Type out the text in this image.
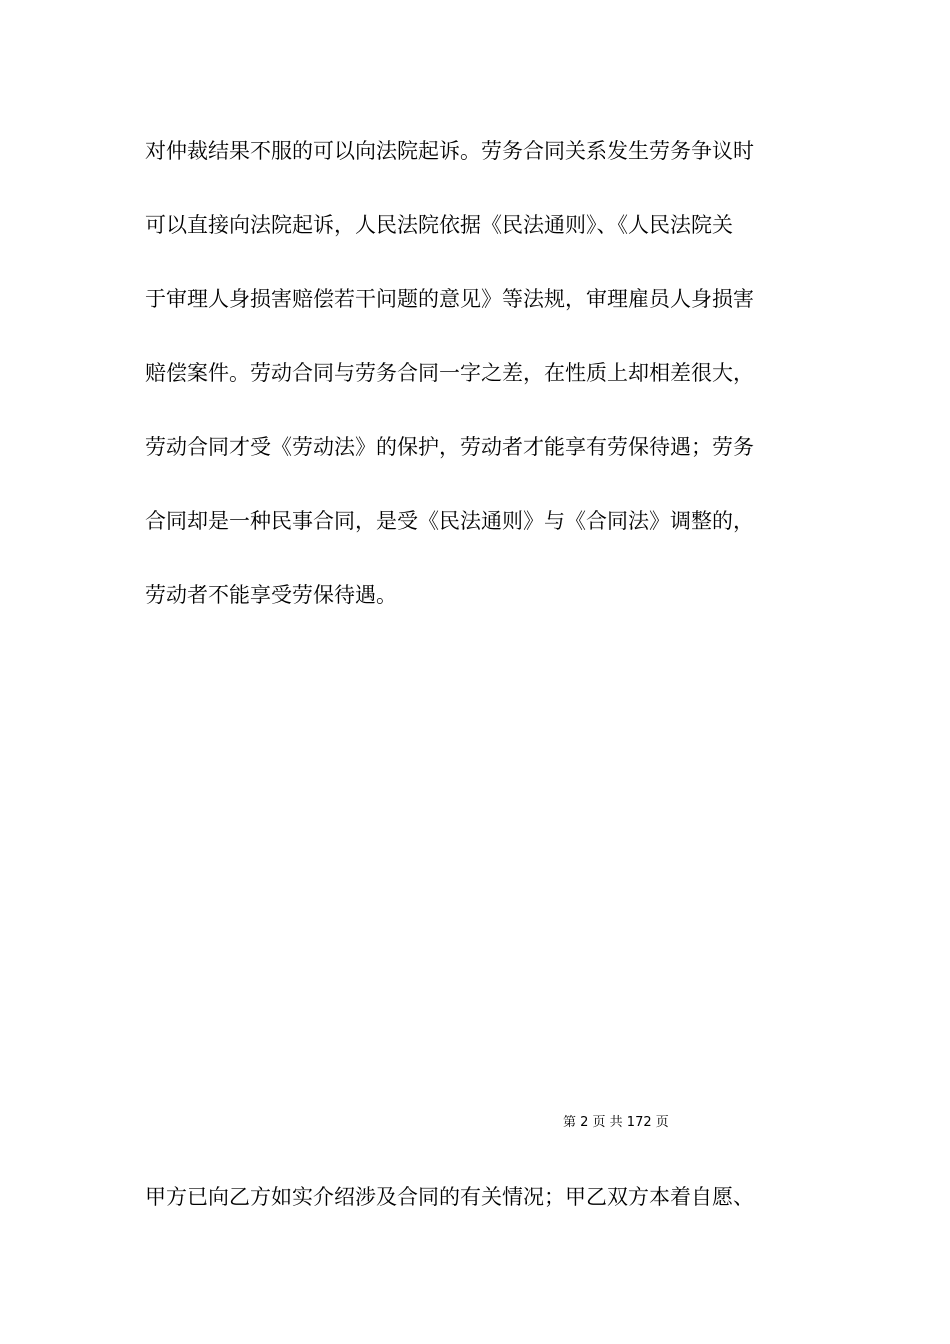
对仲裁结果不服的可以向法院起诉。劳务合同关系发生劳务争议时
可以直接向法院起诉，人民法院依据《民法通则》、《人民法院关
于审理人身损害赔偿若干问题的意见》等法规，审理雇员人身损害
赔偿案件。劳动合同与劳务合同一字之差，在性质上却相差很大，
劳动合同才受《劳动法》的保护，劳动者才能享有劳保待遇；劳务
合同却是一种民事合同，是受《民法通则》与《合同法》调整的，
劳动者不能享受劳保待遇。
第 2 页 共 172 页
甲方已向乙方如实介绍涉及合同的有关情况；甲乙双方本着自愿、
